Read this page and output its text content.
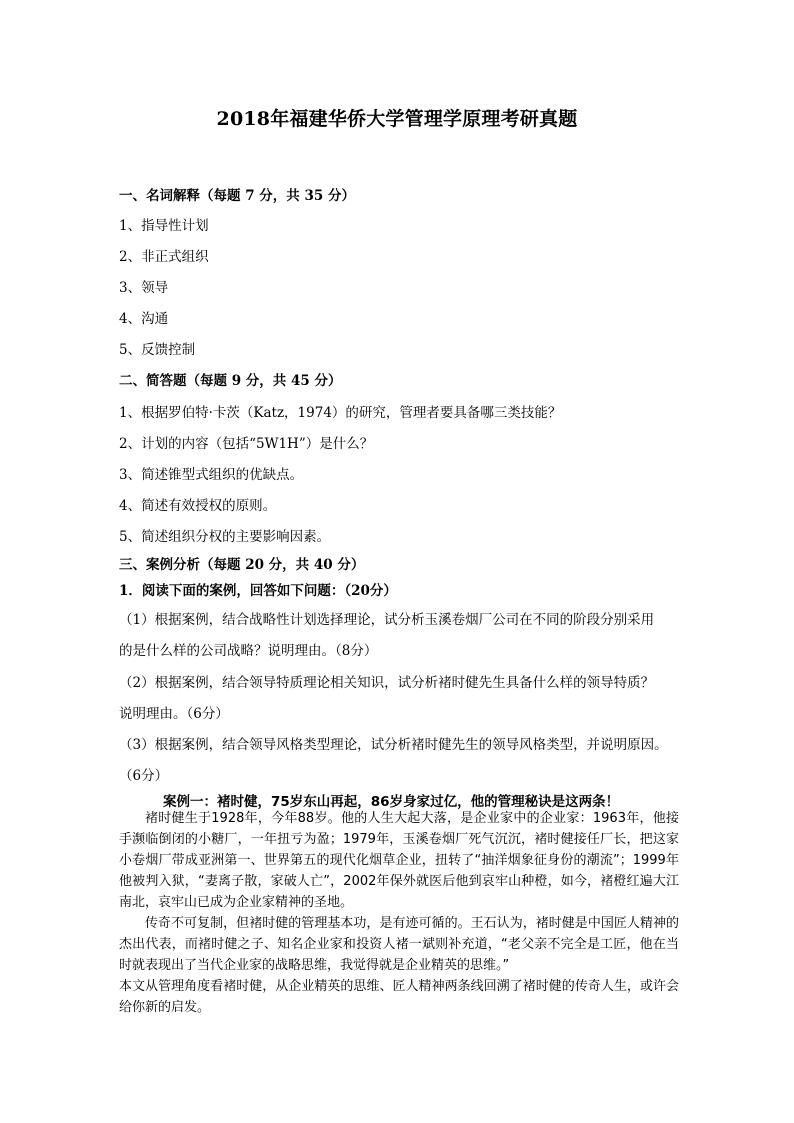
2018年福建华侨大学管理学原理考研真题
一、名词解释（每题 7 分，共 35 分）
1、指导性计划
2、非正式组织
3、领导
4、沟通
5、反馈控制
二、简答题（每题 9 分，共 45 分）
1、根据罗伯特·卡茨（Katz，1974）的研究，管理者要具备哪三类技能？
2、计划的内容（包括“5W1H”）是什么？
3、简述锥型式组织的优缺点。
4、简述有效授权的原则。
5、简述组织分权的主要影响因素。
三、案例分析（每题 20 分，共 40 分）
1．阅读下面的案例，回答如下问题：（20分）
（1）根据案例，结合战略性计划选择理论，试分析玉溪卷烟厂公司在不同的阶段分别采用
的是什么样的公司战略？说明理由。（8分）
（2）根据案例，结合领导特质理论相关知识，试分析褚时健先生具备什么样的领导特质？
说明理由。（6分）
（3）根据案例，结合领导风格类型理论，试分析褚时健先生的领导风格类型，并说明原因。
（6分）
案例一：褚时健，75岁东山再起，86岁身家过亿，他的管理秘诀是这两条！

褚时健生于1928年，今年88岁。他的人生大起大落，是企业家中的企业家：1963年，他接手濒临倒闭的小糖厂，一年扭亏为盈；1979年，玉溪卷烟厂死气沉沉，褚时健接任厂长，把这家小卷烟厂带成亚洲第一、世界第五的现代化烟草企业，扭转了“抽洋烟象征身份的潮流”；1999年他被判入狱，“妻离子散，家破人亡”，2002年保外就医后他到哀牢山种橙，如今，褚橙红遍大江南北，哀牢山已成为企业家精神的圣地。

传奇不可复制，但褚时健的管理基本功，是有迹可循的。王石认为，褚时健是中国匠人精神的杰出代表，而褚时健之子、知名企业家和投资人褚一斌则补充道，“老父亲不完全是工匠，他在当时就表现出了当代企业家的战略思维，我觉得就是企业精英的思维。”

本文从管理角度看褚时健，从企业精英的思维、匠人精神两条线回溯了褚时健的传奇人生，或许会给你新的启发。
